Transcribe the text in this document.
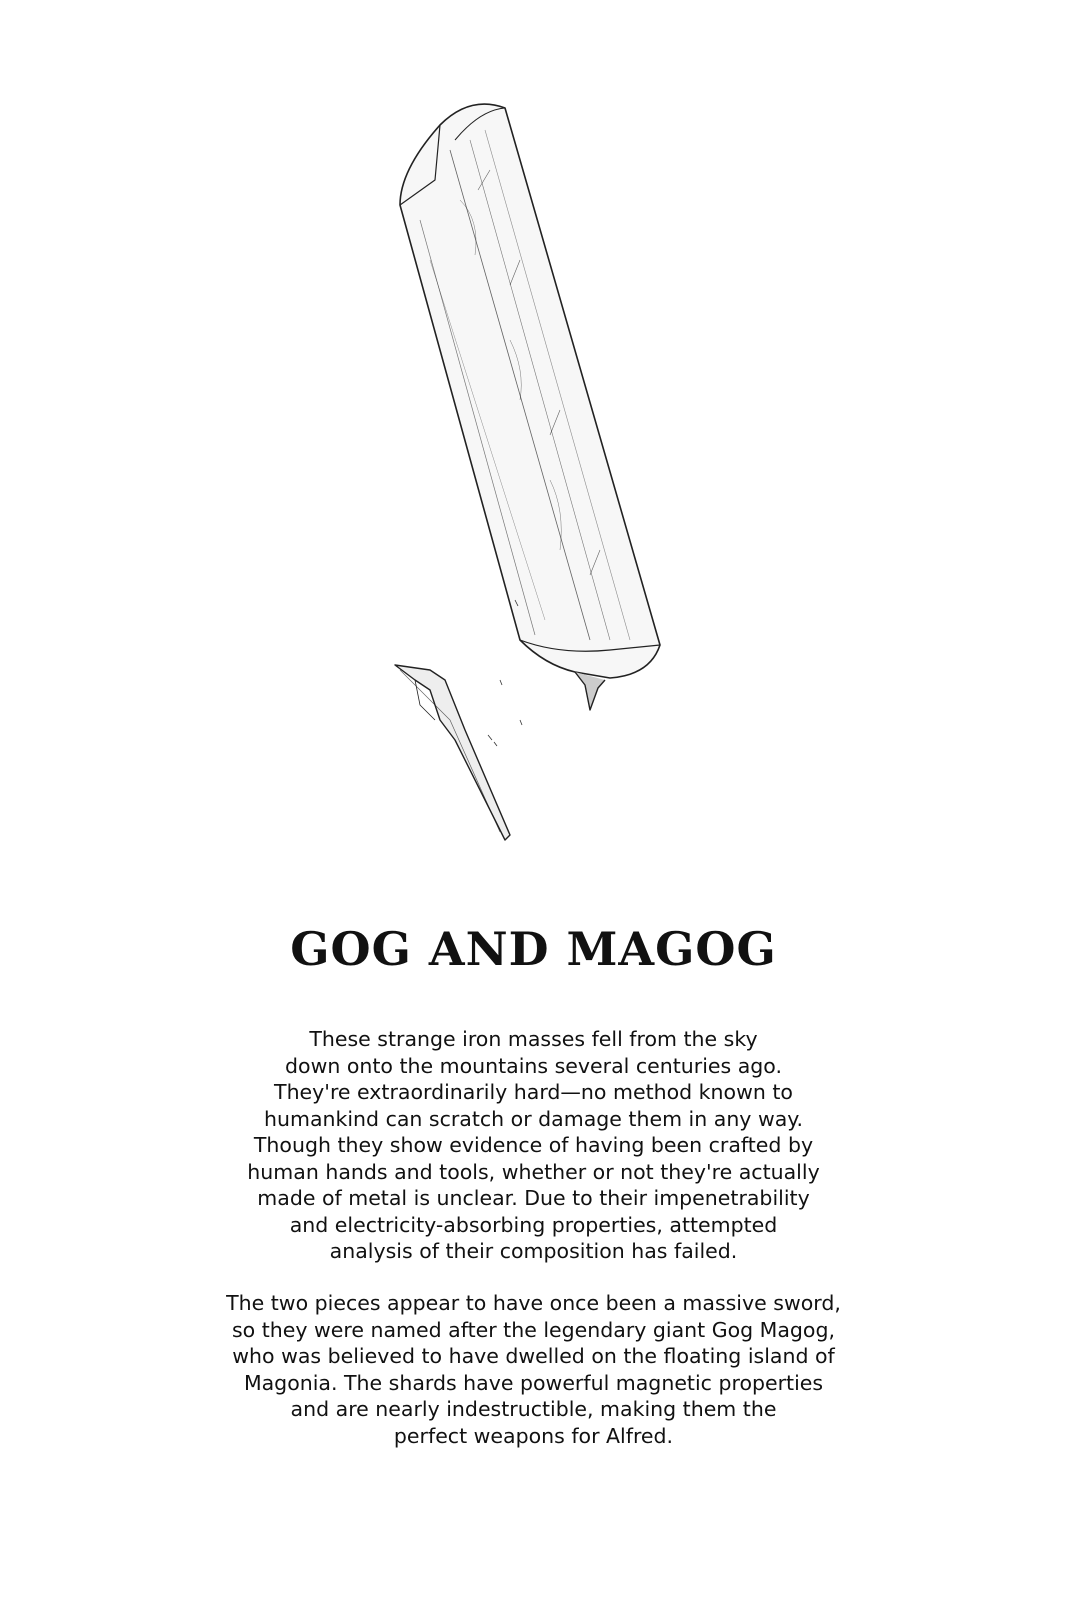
GOG AND MAGOG

These strange iron masses fell from the sky
down onto the mountains several centuries ago.
They're extraordinarily hard—no method known to
humankind can scratch or damage them in any way.
Though they show evidence of having been crafted by
human hands and tools, whether or not they're actually
made of metal is unclear. Due to their impenetrability
and electricity-absorbing properties, attempted
analysis of their composition has failed.

The two pieces appear to have once been a massive sword,
so they were named after the legendary giant Gog Magog,
who was believed to have dwelled on the floating island of
Magonia. The shards have powerful magnetic properties
and are nearly indestructible, making them the
perfect weapons for Alfred.
